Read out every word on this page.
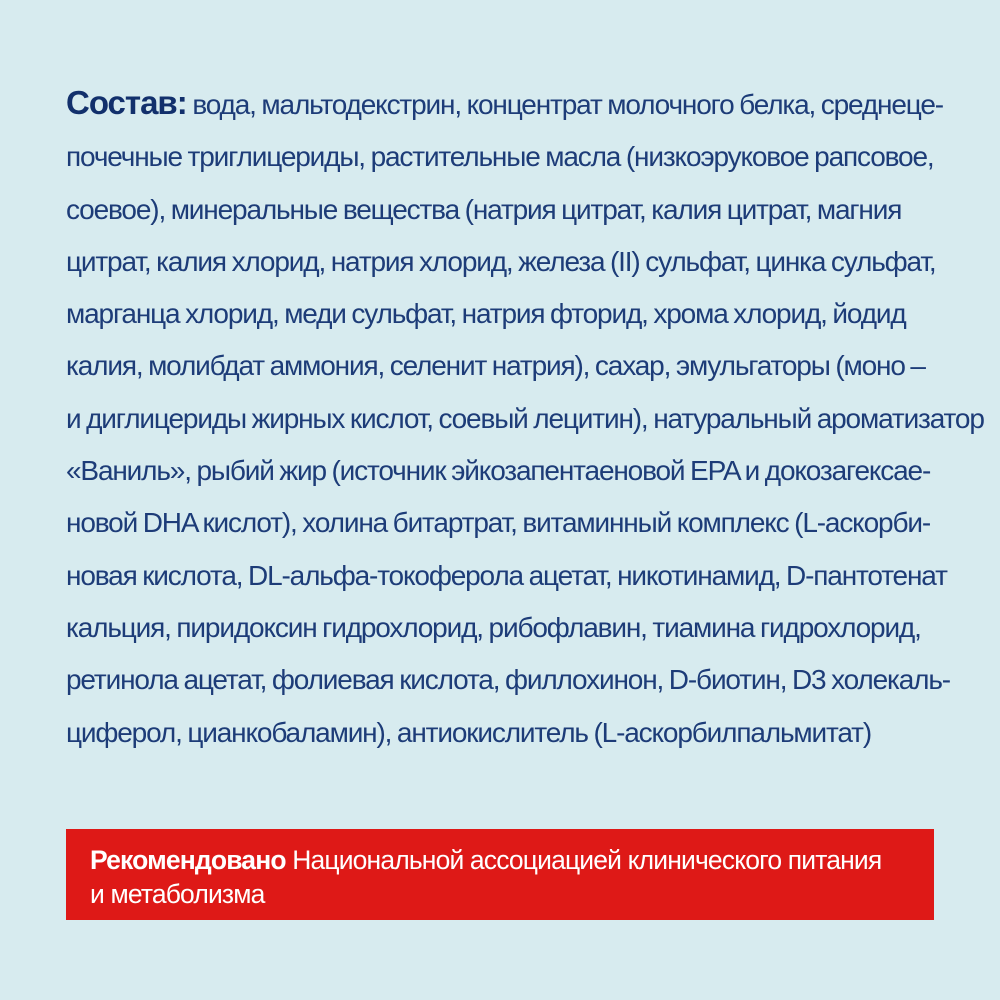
Состав: вода, мальтодекстрин, концентрат молочного белка, среднеце-
почечные триглицериды, растительные масла (низкоэруковое рапсовое,
соевое), минеральные вещества (натрия цитрат, калия цитрат, магния
цитрат, калия хлорид, натрия хлорид, железа (II) сульфат, цинка сульфат,
марганца хлорид, меди сульфат, натрия фторид, хрома хлорид, йодид
калия, молибдат аммония, селенит натрия), сахар, эмульгаторы (моно –
и диглицериды жирных кислот, соевый лецитин), натуральный ароматизатор
«Ваниль», рыбий жир (источник эйкозапентаеновой EPA и докозагексае-
новой DHA кислот), холина битартрат, витаминный комплекс (L-аскорби-
новая кислота, DL-альфа-токоферола ацетат, никотинамид, D-пантотенат
кальция, пиридоксин гидрохлорид, рибофлавин, тиамина гидрохлорид,
ретинола ацетат, фолиевая кислота, филлохинон, D-биотин, D3 холекаль-
циферол, цианкобаламин), антиокислитель (L-аскорбилпальмитат)
Рекомендовано Национальной ассоциацией клинического питания
и метаболизма
